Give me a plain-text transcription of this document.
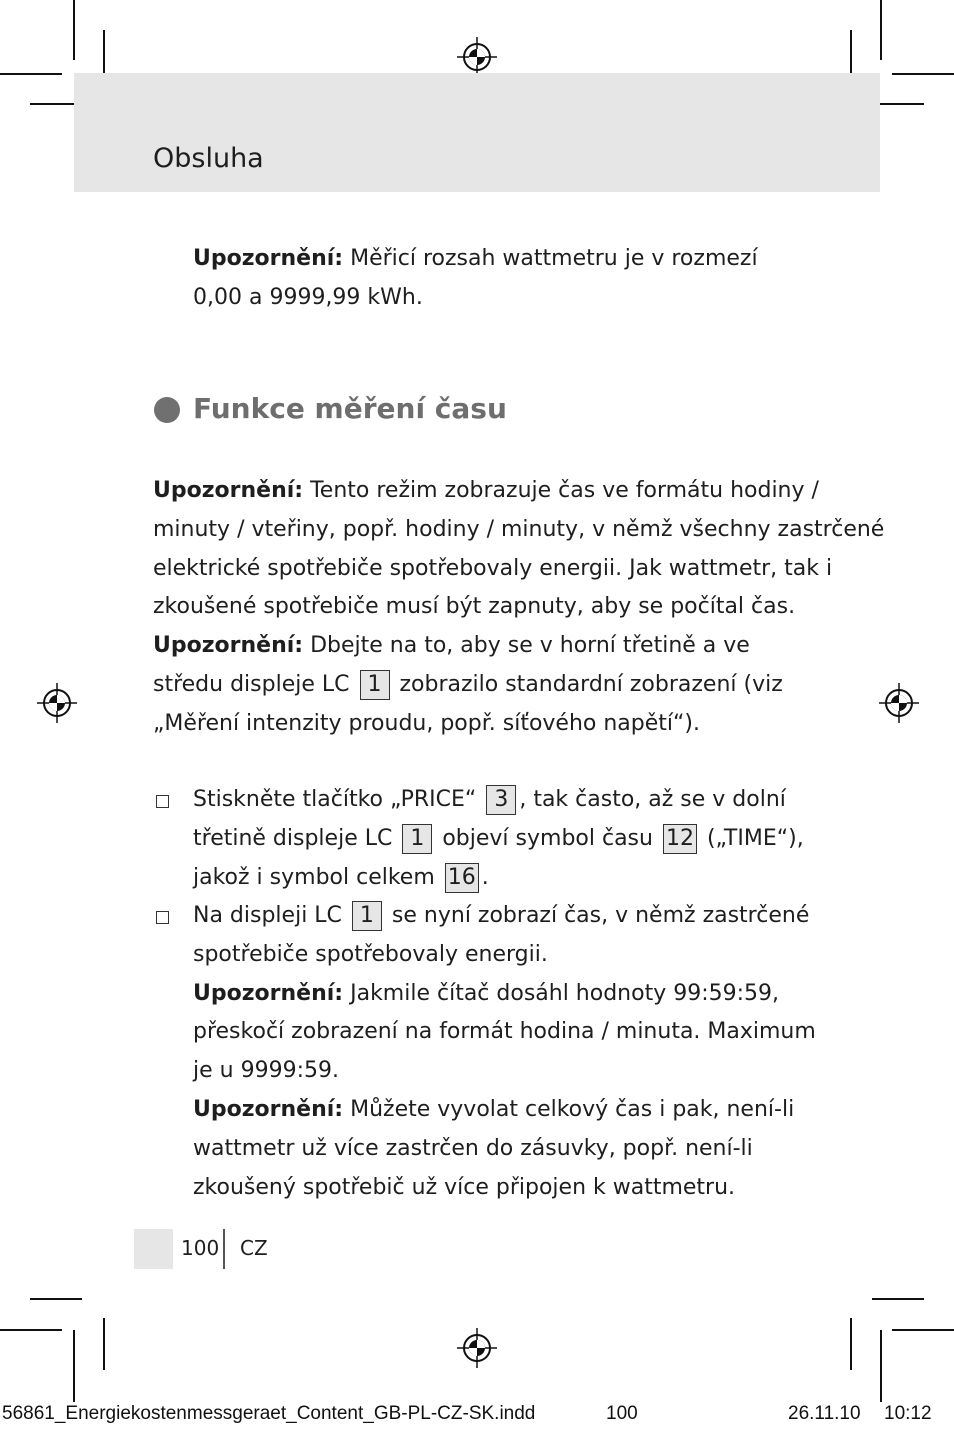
Obsluha

Upozornění: Měřicí rozsah wattmetru je v rozmezí
0,00 a 9999,99 kWh.

Funkce měření času

Upozornění: Tento režim zobrazuje čas ve formátu hodiny /
minuty / vteřiny, popř. hodiny / minuty, v němž všechny zastrčené
elektrické spotřebiče spotřebovaly energii. Jak wattmetr, tak i
zkoušené spotřebiče musí být zapnuty, aby se počítal čas.
Upozornění: Dbejte na to, aby se v horní třetině a ve
středu displeje LC 1 zobrazilo standardní zobrazení (viz
„Měření intenzity proudu, popř. síťového napětí“).

Stiskněte tlačítko „PRICE“ 3 , tak často, až se v dolní
třetině displeje LC 1 objeví symbol času 12 („TIME“),
jakož i symbol celkem 16 .

Na displeji LC 1 se nyní zobrazí čas, v němž zastrčené
spotřebiče spotřebovaly energii.
Upozornění: Jakmile čítač dosáhl hodnoty 99:59:59,
přeskočí zobrazení na formát hodina / minuta. Maximum
je u 9999:59.
Upozornění: Můžete vyvolat celkový čas i pak, není-li
wattmetr už více zastrčen do zásuvky, popř. není-li
zkoušený spotřebič už více připojen k wattmetru.

100 CZ
56861_Energiekostenmessgeraet_Content_GB-PL-CZ-SK.indd	100	26.11.10 10:12
